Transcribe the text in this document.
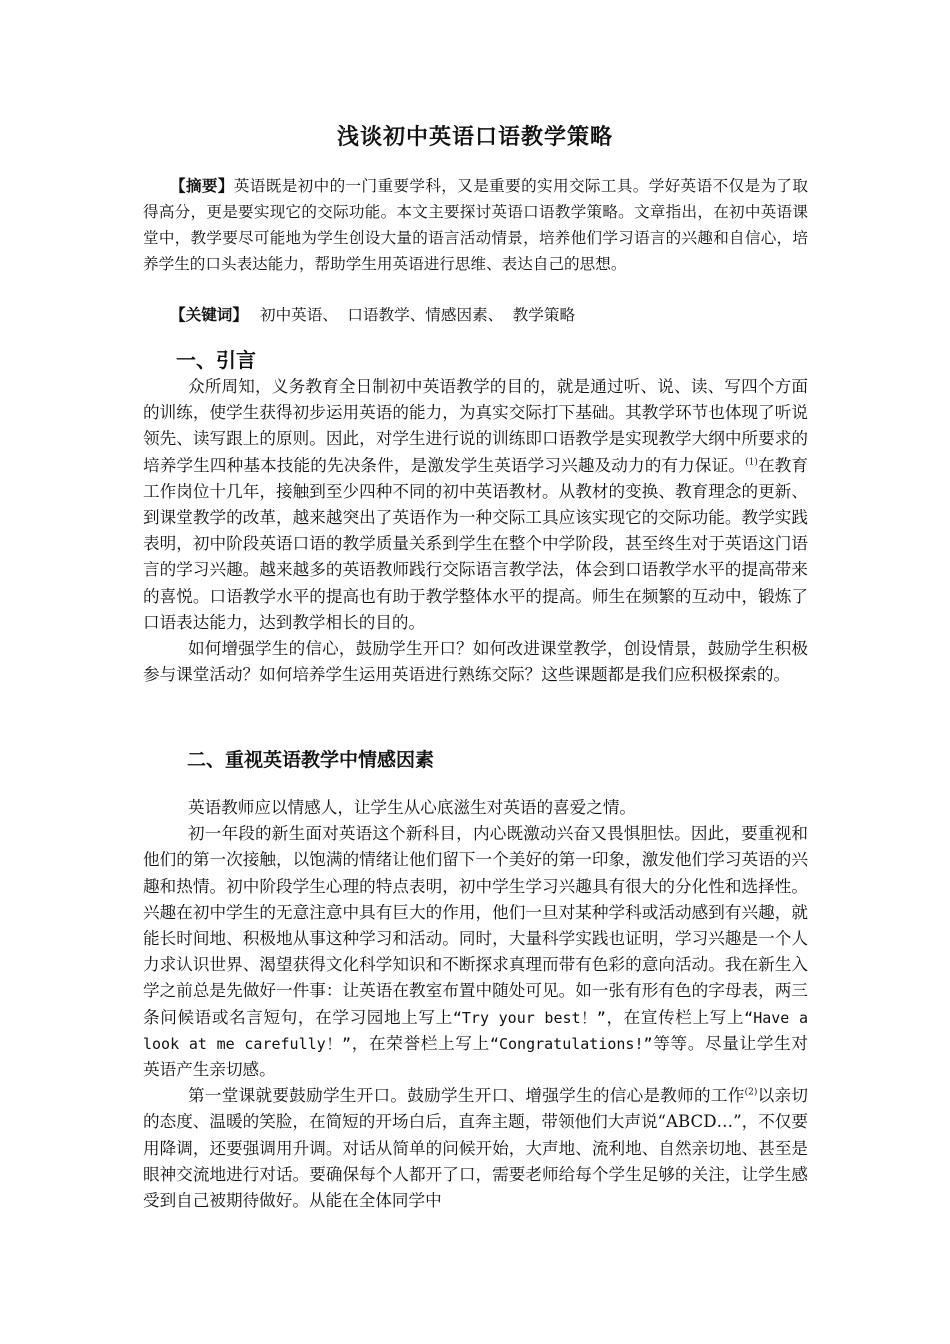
浅谈初中英语口语教学策略

【摘要】英语既是初中的一门重要学科，又是重要的实用交际工具。学好英语不仅是为了取得高分，更是要实现它的交际功能。本文主要探讨英语口语教学策略。文章指出，在初中英语课堂中，教学要尽可能地为学生创设大量的语言活动情景，培养他们学习语言的兴趣和自信心，培养学生的口头表达能力，帮助学生用英语进行思维、表达自己的思想。

【关键词】 初中英语、 口语教学、情感因素、 教学策略

一、引言

众所周知，义务教育全日制初中英语教学的目的，就是通过听、说、读、写四个方面的训练，使学生获得初步运用英语的能力，为真实交际打下基础。其教学环节也体现了听说领先、读写跟上的原则。因此，对学生进行说的训练即口语教学是实现教学大纲中所要求的培养学生四种基本技能的先决条件，是激发学生英语学习兴趣及动力的有力保证。$^{(1)}$在教育工作岗位十几年，接触到至少四种不同的初中英语教材。从教材的变换、教育理念的更新、到课堂教学的改革，越来越突出了英语作为一种交际工具应该实现它的交际功能。教学实践表明，初中阶段英语口语的教学质量关系到学生在整个中学阶段，甚至终生对于英语这门语言的学习兴趣。越来越多的英语教师践行交际语言教学法，体会到口语教学水平的提高带来的喜悦。口语教学水平的提高也有助于教学整体水平的提高。师生在频繁的互动中，锻炼了口语表达能力，达到教学相长的目的。

如何增强学生的信心，鼓励学生开口？如何改进课堂教学，创设情景，鼓励学生积极参与课堂活动？如何培养学生运用英语进行熟练交际？这些课题都是我们应积极探索的。

二、重视英语教学中情感因素

英语教师应以情感人，让学生从心底滋生对英语的喜爱之情。

初一年段的新生面对英语这个新科目，内心既激动兴奋又畏惧胆怯。因此，要重视和他们的第一次接触，以饱满的情绪让他们留下一个美好的第一印象，激发他们学习英语的兴趣和热情。初中阶段学生心理的特点表明，初中学生学习兴趣具有很大的分化性和选择性。兴趣在初中学生的无意注意中具有巨大的作用，他们一旦对某种学科或活动感到有兴趣，就能长时间地、积极地从事这种学习和活动。同时，大量科学实践也证明，学习兴趣是一个人力求认识世界、渴望获得文化科学知识和不断探求真理而带有色彩的意向活动。我在新生入学之前总是先做好一件事：让英语在教室布置中随处可见。如一张有形有色的字母表，两三条问候语或名言短句，在学习园地上写上“Try your best！”，在宣传栏上写上“Have a look at me carefully！”，在荣誉栏上写上“Congratulations!”等等。尽量让学生对英语产生亲切感。

第一堂课就要鼓励学生开口。鼓励学生开口、增强学生的信心是教师的工作$^{(2)}$以亲切的态度、温暖的笑脸，在简短的开场白后，直奔主题，带领他们大声说“ABCD…”，不仅要用降调，还要强调用升调。对话从简单的问候开始，大声地、流利地、自然亲切地、甚至是眼神交流地进行对话。要确保每个人都开了口，需要老师给每个学生足够的关注，让学生感受到自己被期待做好。从能在全体同学中
